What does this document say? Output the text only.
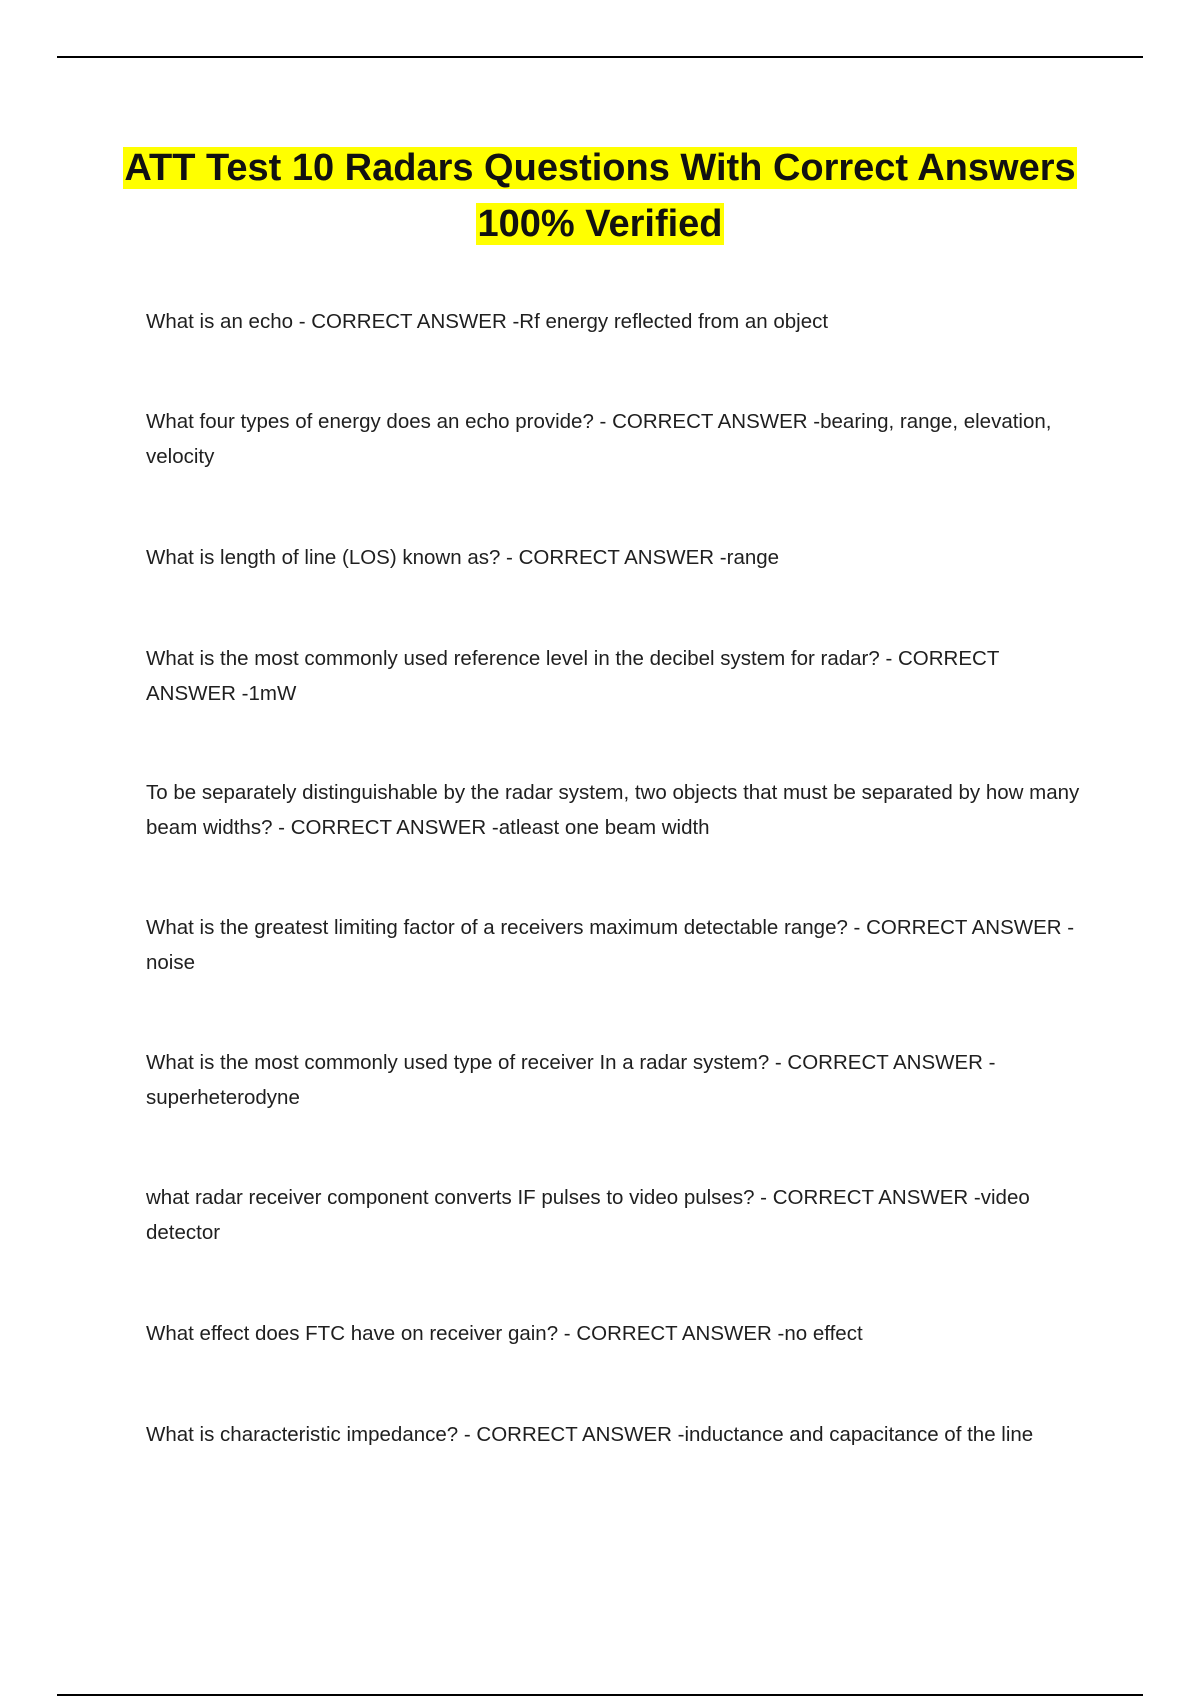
ATT Test 10 Radars Questions With Correct Answers 100% Verified
What is an echo - CORRECT ANSWER -Rf energy reflected from an object
What four types of energy does an echo provide? - CORRECT ANSWER -bearing, range, elevation, velocity
What is length of line (LOS) known as? - CORRECT ANSWER -range
What is the most commonly used reference level in the decibel system for radar? - CORRECT ANSWER -1mW
To be separately distinguishable by the radar system, two objects that must be separated by how many beam widths? - CORRECT ANSWER -atleast one beam width
What is the greatest limiting factor of a receivers maximum detectable range? - CORRECT ANSWER -noise
What is the most commonly used type of receiver In a radar system? - CORRECT ANSWER -superheterodyne
what radar receiver component converts IF pulses to video pulses? - CORRECT ANSWER -video detector
What effect does FTC have on receiver gain? - CORRECT ANSWER -no effect
What is characteristic impedance? - CORRECT ANSWER -inductance and capacitance of the line
